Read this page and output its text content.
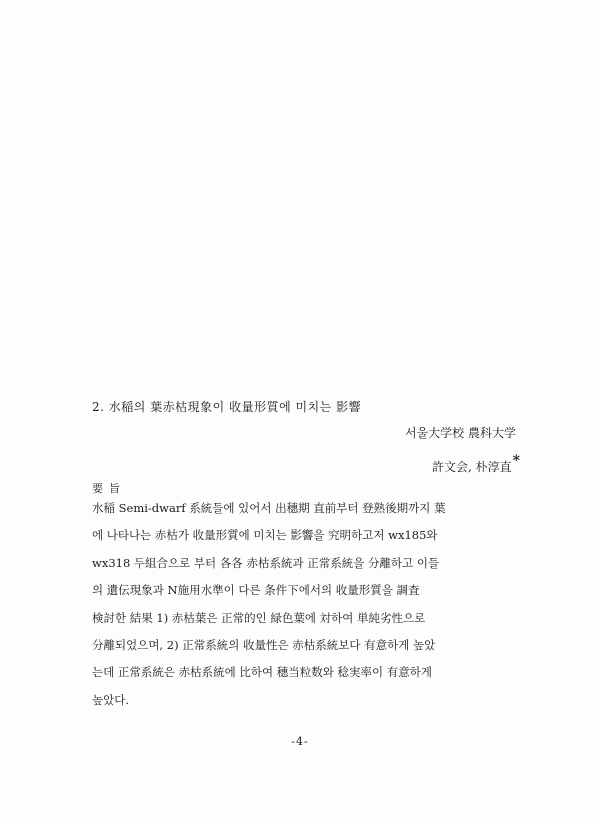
2. 水稲의 葉赤枯現象이 收量形質에 미치는 影響
서울大学校 農科大学
許文会, 朴淳直*
要旨
水稲 Semi-dwarf 系統들에 있어서 出穗期 直前부터 登熟後期까지 葉
에 나타나는 赤枯가 收量形質에 미치는 影響을 究明하고저 wx185와
wx318 두組合으로 부터 各各 赤枯系統과 正常系統을 分離하고 이들
의 遺伝現象과 N施用水準이 다른 条件下에서의 收量形質을 調査
検討한 結果 1) 赤枯葉은 正常的인 緑色葉에 対하여 単純劣性으로
分離되었으며, 2) 正常系統의 收量性은 赤枯系統보다 有意하게 높았
는데 正常系統은 赤枯系統에 比하여 穗当粒数와 稔実率이 有意하게
높았다.
-4-
